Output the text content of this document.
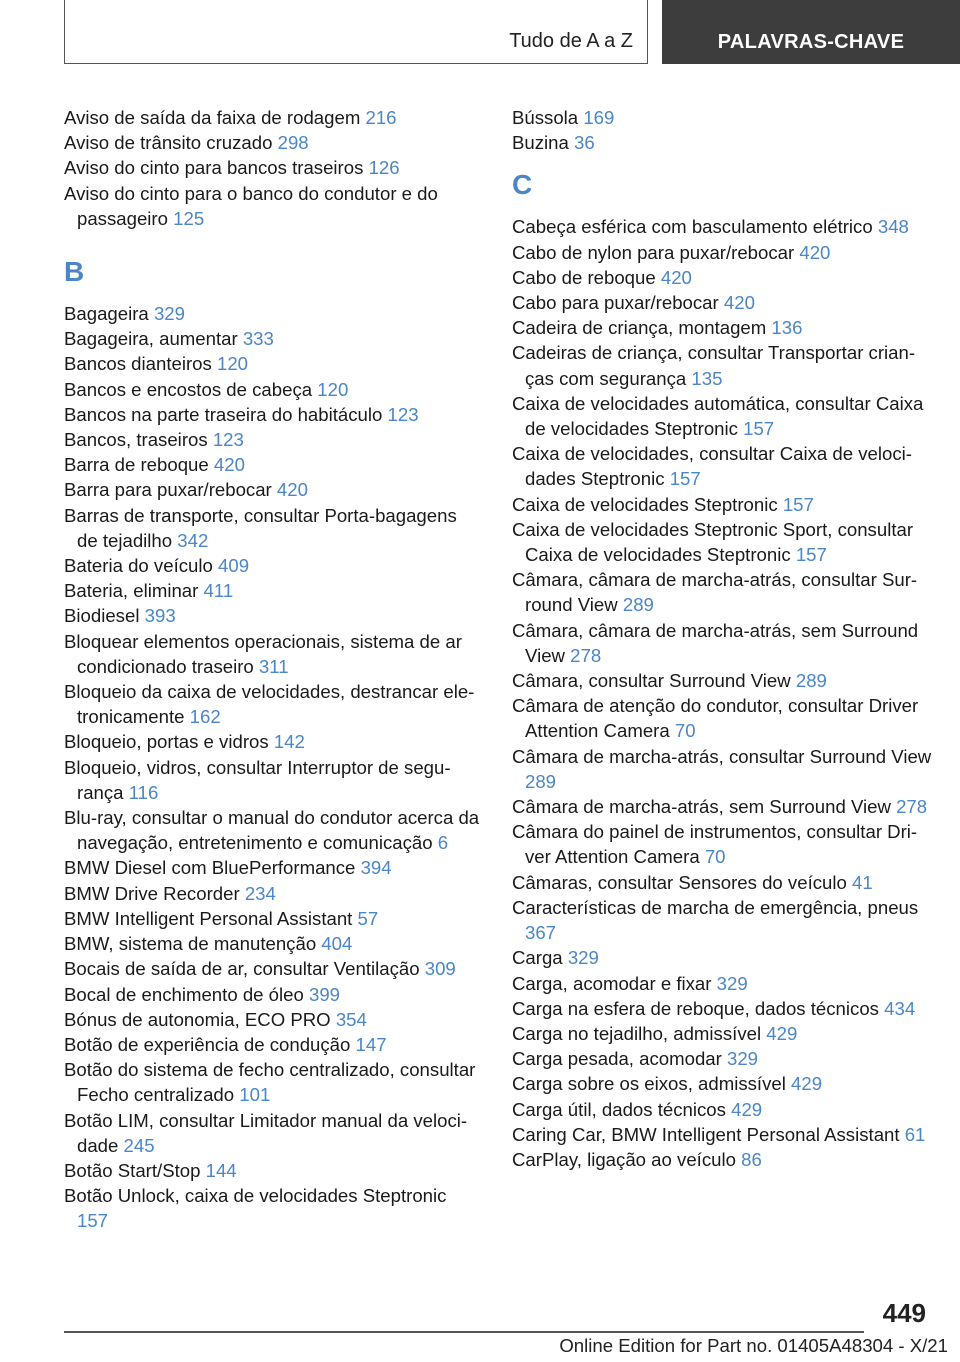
Tudo de A a Z	PALAVRAS-CHAVE
Aviso de saída da faixa de rodagem 216
Aviso de trânsito cruzado 298
Aviso do cinto para bancos traseiros 126
Aviso do cinto para o banco do condutor e do passageiro 125
B
Bagageira 329
Bagageira, aumentar 333
Bancos dianteiros 120
Bancos e encostos de cabeça 120
Bancos na parte traseira do habitáculo 123
Bancos, traseiros 123
Barra de reboque 420
Barra para puxar/rebocar 420
Barras de transporte, consultar Porta-bagagens de tejadilho 342
Bateria do veículo 409
Bateria, eliminar 411
Biodiesel 393
Bloquear elementos operacionais, sistema de ar condicionado traseiro 311
Bloqueio da caixa de velocidades, destrancar eletronicamente 162
Bloqueio, portas e vidros 142
Bloqueio, vidros, consultar Interruptor de segurança 116
Blu-ray, consultar o manual do condutor acerca da navegação, entretenimento e comunicação 6
BMW Diesel com BluePerformance 394
BMW Drive Recorder 234
BMW Intelligent Personal Assistant 57
BMW, sistema de manutenção 404
Bocais de saída de ar, consultar Ventilação 309
Bocal de enchimento de óleo 399
Bónus de autonomia, ECO PRO 354
Botão de experiência de condução 147
Botão do sistema de fecho centralizado, consultar Fecho centralizado 101
Botão LIM, consultar Limitador manual da velocidade 245
Botão Start/Stop 144
Botão Unlock, caixa de velocidades Steptronic 157
Bússola 169
Buzina 36
C
Cabeça esférica com basculamento elétrico 348
Cabo de nylon para puxar/rebocar 420
Cabo de reboque 420
Cabo para puxar/rebocar 420
Cadeira de criança, montagem 136
Cadeiras de criança, consultar Transportar crianças com segurança 135
Caixa de velocidades automática, consultar Caixa de velocidades Steptronic 157
Caixa de velocidades, consultar Caixa de velocidades Steptronic 157
Caixa de velocidades Steptronic 157
Caixa de velocidades Steptronic Sport, consultar Caixa de velocidades Steptronic 157
Câmara, câmara de marcha-atrás, consultar Surround View 289
Câmara, câmara de marcha-atrás, sem Surround View 278
Câmara, consultar Surround View 289
Câmara de atenção do condutor, consultar Driver Attention Camera 70
Câmara de marcha-atrás, consultar Surround View 289
Câmara de marcha-atrás, sem Surround View 278
Câmara do painel de instrumentos, consultar Driver Attention Camera 70
Câmaras, consultar Sensores do veículo 41
Características de marcha de emergência, pneus 367
Carga 329
Carga, acomodar e fixar 329
Carga na esfera de reboque, dados técnicos 434
Carga no tejadilho, admissível 429
Carga pesada, acomodar 329
Carga sobre os eixos, admissível 429
Carga útil, dados técnicos 429
Caring Car, BMW Intelligent Personal Assistant 61
CarPlay, ligação ao veículo 86
449
Online Edition for Part no. 01405A48304 - X/21
